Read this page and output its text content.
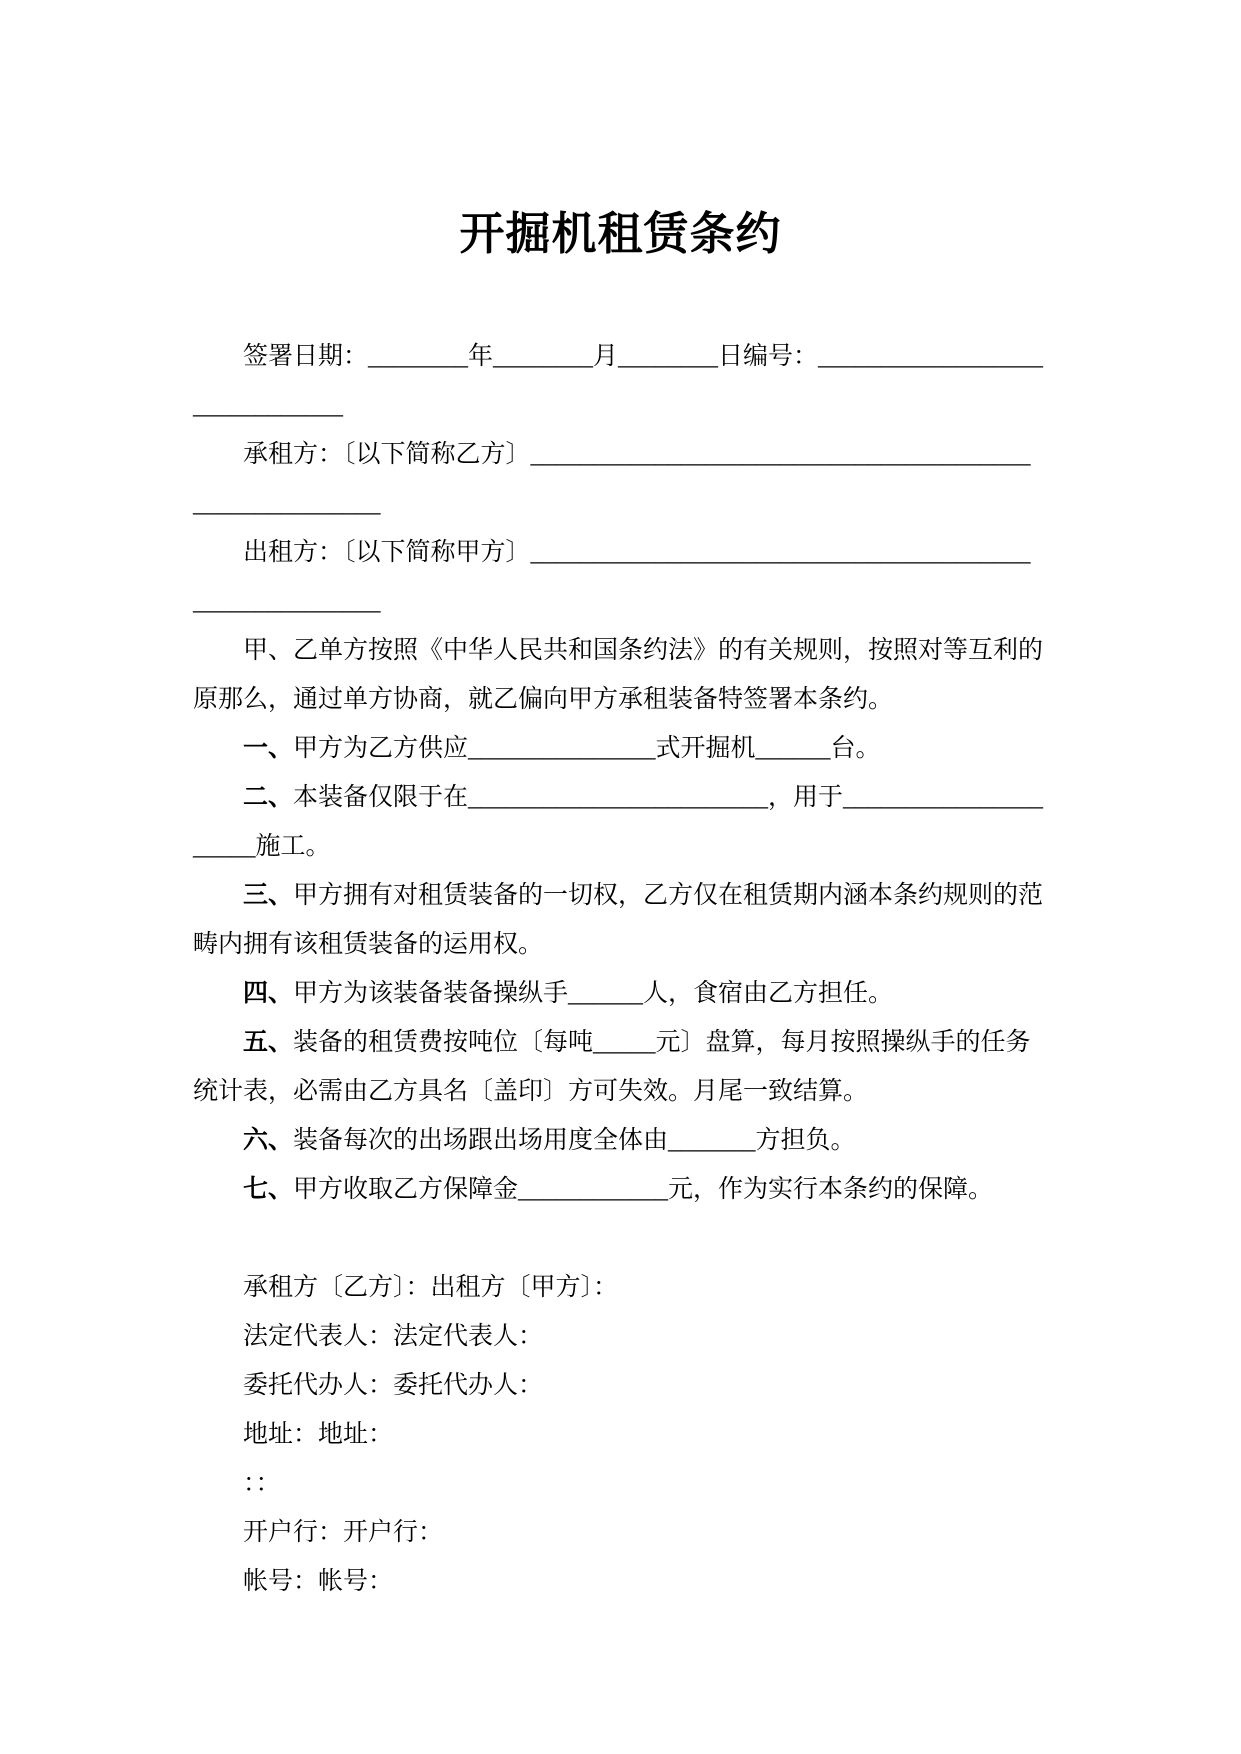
开掘机租赁条约
签署日期：________年________月________日编号：__________________
____________
承租方：〔以下简称乙方〕________________________________________
_______________
出租方：〔以下简称甲方〕________________________________________
_______________
甲、乙单方按照《中华人民共和国条约法》的有关规则，按照对等互利的
原那么，通过单方协商，就乙偏向甲方承租装备特签署本条约。
一、甲方为乙方供应_______________式开掘机______台。
二、本装备仅限于在________________________，用于________________
_____施工。
三、甲方拥有对租赁装备的一切权，乙方仅在租赁期内涵本条约规则的范
畴内拥有该租赁装备的运用权。
四、甲方为该装备装备操纵手______人，食宿由乙方担任。
五、装备的租赁费按吨位〔每吨_____元〕盘算，每月按照操纵手的任务
统计表，必需由乙方具名〔盖印〕方可失效。月尾一致结算。
六、装备每次的出场跟出场用度全体由_______方担负。
七、甲方收取乙方保障金____________元，作为实行本条约的保障。
承租方〔乙方〕：出租方〔甲方〕：
法定代表人：法定代表人：
委托代办人：委托代办人：
地址：地址：
：：
开户行：开户行：
帐号：帐号：
